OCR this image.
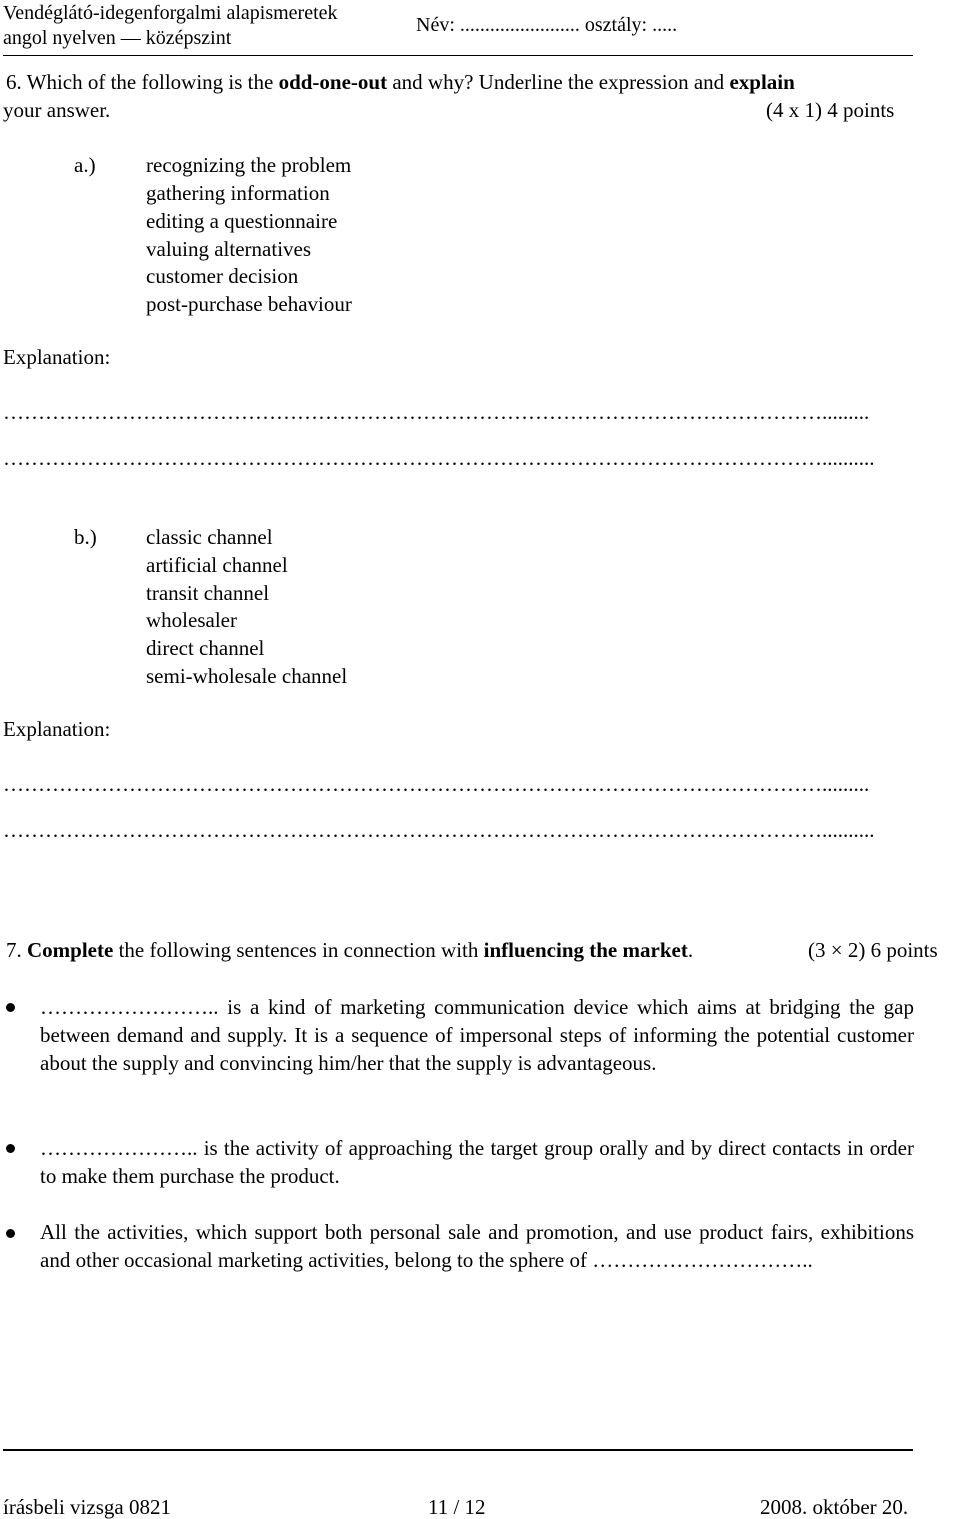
Vendéglátó-idegenforgalmi alapismeretek
angol nyelven — középszint
Név: ........................ osztály: .....
6. Which of the following is the odd-one-out and why? Underline the expression and explain
your answer.	(4 x 1) 4 points
a.) recognizing the problem
gathering information
editing a questionnaire
valuing alternatives
customer decision
post-purchase behaviour
Explanation:
……………………………………………………………………………………………………….........
………………………………………………………………………………………………………..........
b.) classic channel
artificial channel
transit channel
wholesaler
direct channel
semi-wholesale channel
Explanation:
……………………………………………………………………………………………………….........
………………………………………………………………………………………………………..........
7. Complete the following sentences in connection with influencing the market.	(3 × 2) 6 points
…………………….. is a kind of marketing communication device which aims at bridging the gap between demand and supply. It is a sequence of impersonal steps of informing the potential customer about the supply and convincing him/her that the supply is advantageous.
………………….. is the activity of approaching the target group orally and by direct contacts in order to make them purchase the product.
All the activities, which support both personal sale and promotion, and use product fairs, exhibitions and other occasional marketing activities, belong to the sphere of …………………………..
írásbeli vizsga 0821	11 / 12	2008. október 20.
